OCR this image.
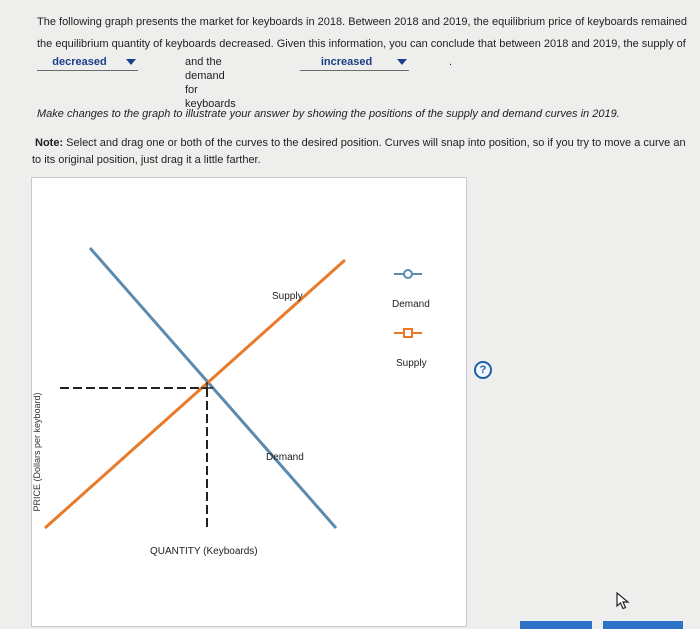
The following graph presents the market for keyboards in 2018. Between 2018 and 2019, the equilibrium price of keyboards remained
the equilibrium quantity of keyboards decreased. Given this information, you can conclude that between 2018 and 2019, the supply of
decreased	and the demand for keyboards
increased	.
Make changes to the graph to illustrate your answer by showing the positions of the supply and demand curves in 2019.
Note: Select and drag one or both of the curves to the desired position. Curves will snap into position, so if you try to move a curve an
to its original position, just drag it a little farther.
PRICE (Dollars per keyboard)
Supply
Demand
QUANTITY (Keyboards)
Demand
Supply
?
